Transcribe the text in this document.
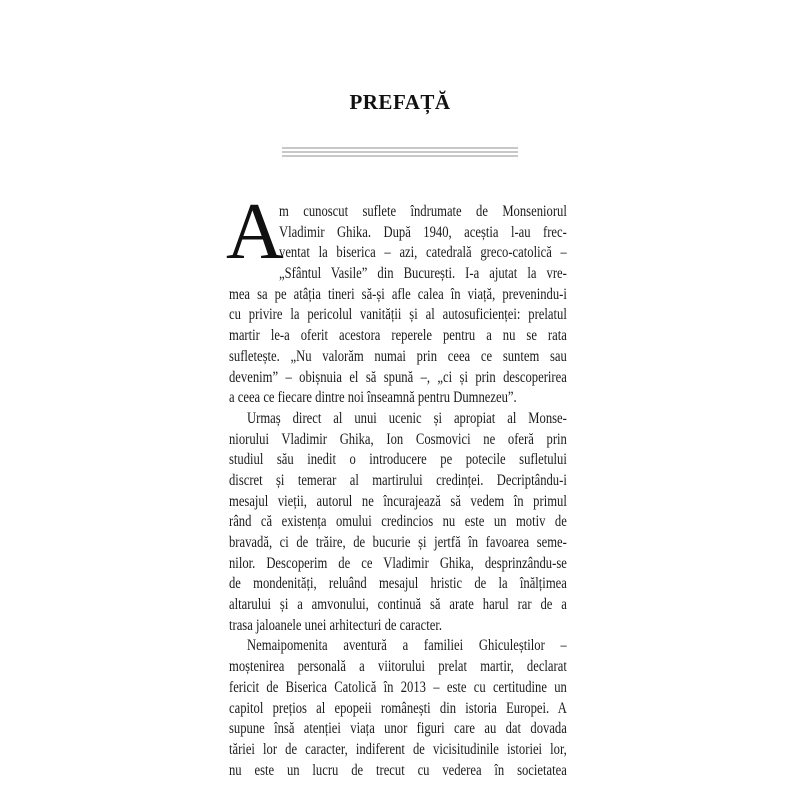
PREFAȚĂ
A
m cunoscut suflete îndrumate de Monseniorul
Vladimir Ghika. După 1940, aceștia l-au frec-
ventat la biserica – azi, catedrală greco-catolică –
„Sfântul Vasile” din București. I-a ajutat la vre-
mea sa pe atâția tineri să-și afle calea în viață, prevenindu-i
cu privire la pericolul vanității și al autosuficienței: prelatul
martir le-a oferit acestora reperele pentru a nu se rata
sufletește. „Nu valorăm numai prin ceea ce suntem sau
devenim” – obișnuia el să spună –, „ci și prin descoperirea
a ceea ce fiecare dintre noi înseamnă pentru Dumnezeu”.
Urmaș direct al unui ucenic și apropiat al Monse-
niorului Vladimir Ghika, Ion Cosmovici ne oferă prin
studiul său inedit o introducere pe potecile sufletului
discret și temerar al martirului credinței. Decriptându-i
mesajul vieții, autorul ne încurajează să vedem în primul
rând că existența omului credincios nu este un motiv de
bravadă, ci de trăire, de bucurie și jertfă în favoarea seme-
nilor. Descoperim de ce Vladimir Ghika, desprinzându-se
de mondenități, reluând mesajul hristic de la înălțimea
altarului și a amvonului, continuă să arate harul rar de a
trasa jaloanele unei arhitecturi de caracter.
Nemaipomenita aventură a familiei Ghiculeștilor –
moștenirea personală a viitorului prelat martir, declarat
fericit de Biserica Catolică în 2013 – este cu certitudine un
capitol prețios al epopeii românești din istoria Europei. A
supune însă atenției viața unor figuri care au dat dovada
tăriei lor de caracter, indiferent de vicisitudinile istoriei lor,
nu este un lucru de trecut cu vederea în societatea
